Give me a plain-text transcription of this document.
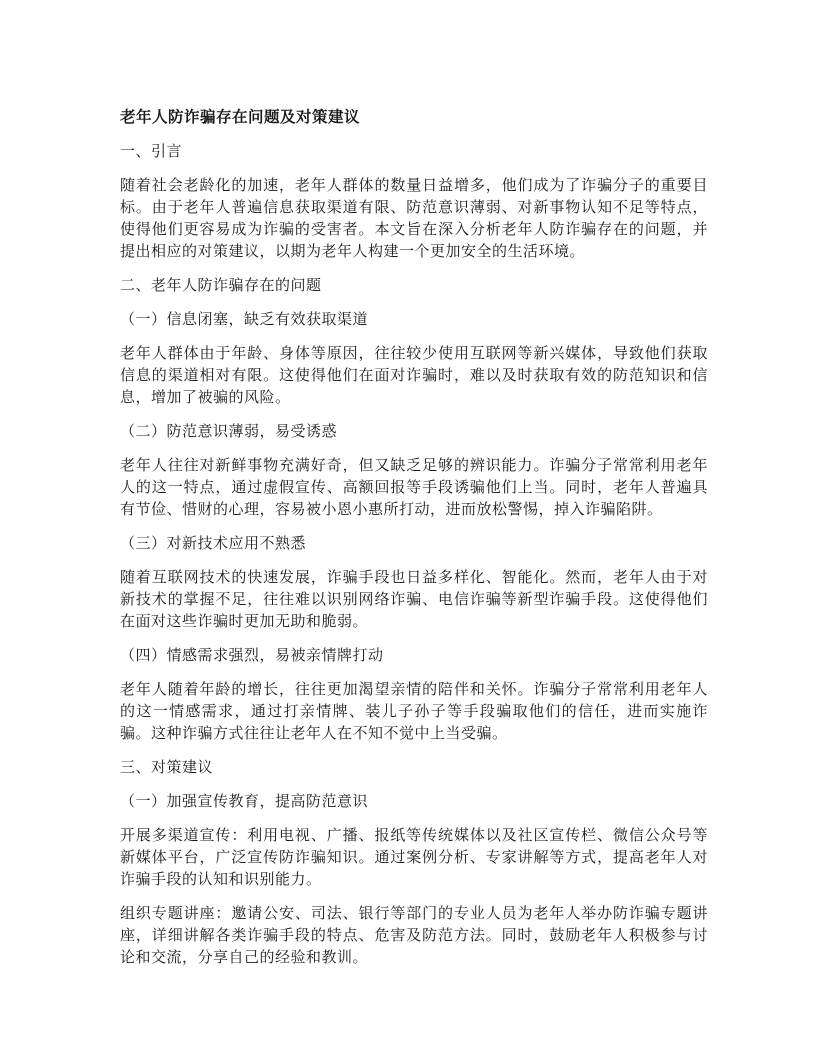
老年人防诈骗存在问题及对策建议
一、引言
随着社会老龄化的加速，老年人群体的数量日益增多，他们成为了诈骗分子的重要目标。由于老年人普遍信息获取渠道有限、防范意识薄弱、对新事物认知不足等特点，使得他们更容易成为诈骗的受害者。本文旨在深入分析老年人防诈骗存在的问题，并提出相应的对策建议，以期为老年人构建一个更加安全的生活环境。
二、老年人防诈骗存在的问题
（一）信息闭塞，缺乏有效获取渠道
老年人群体由于年龄、身体等原因，往往较少使用互联网等新兴媒体，导致他们获取信息的渠道相对有限。这使得他们在面对诈骗时，难以及时获取有效的防范知识和信息，增加了被骗的风险。
（二）防范意识薄弱，易受诱惑
老年人往往对新鲜事物充满好奇，但又缺乏足够的辨识能力。诈骗分子常常利用老年人的这一特点，通过虚假宣传、高额回报等手段诱骗他们上当。同时，老年人普遍具有节俭、惜财的心理，容易被小恩小惠所打动，进而放松警惕，掉入诈骗陷阱。
（三）对新技术应用不熟悉
随着互联网技术的快速发展，诈骗手段也日益多样化、智能化。然而，老年人由于对新技术的掌握不足，往往难以识别网络诈骗、电信诈骗等新型诈骗手段。这使得他们在面对这些诈骗时更加无助和脆弱。
（四）情感需求强烈，易被亲情牌打动
老年人随着年龄的增长，往往更加渴望亲情的陪伴和关怀。诈骗分子常常利用老年人的这一情感需求，通过打亲情牌、装儿子孙子等手段骗取他们的信任，进而实施诈骗。这种诈骗方式往往让老年人在不知不觉中上当受骗。
三、对策建议
（一）加强宣传教育，提高防范意识
开展多渠道宣传：利用电视、广播、报纸等传统媒体以及社区宣传栏、微信公众号等新媒体平台，广泛宣传防诈骗知识。通过案例分析、专家讲解等方式，提高老年人对诈骗手段的认知和识别能力。
组织专题讲座：邀请公安、司法、银行等部门的专业人员为老年人举办防诈骗专题讲座，详细讲解各类诈骗手段的特点、危害及防范方法。同时，鼓励老年人积极参与讨论和交流，分享自己的经验和教训。
